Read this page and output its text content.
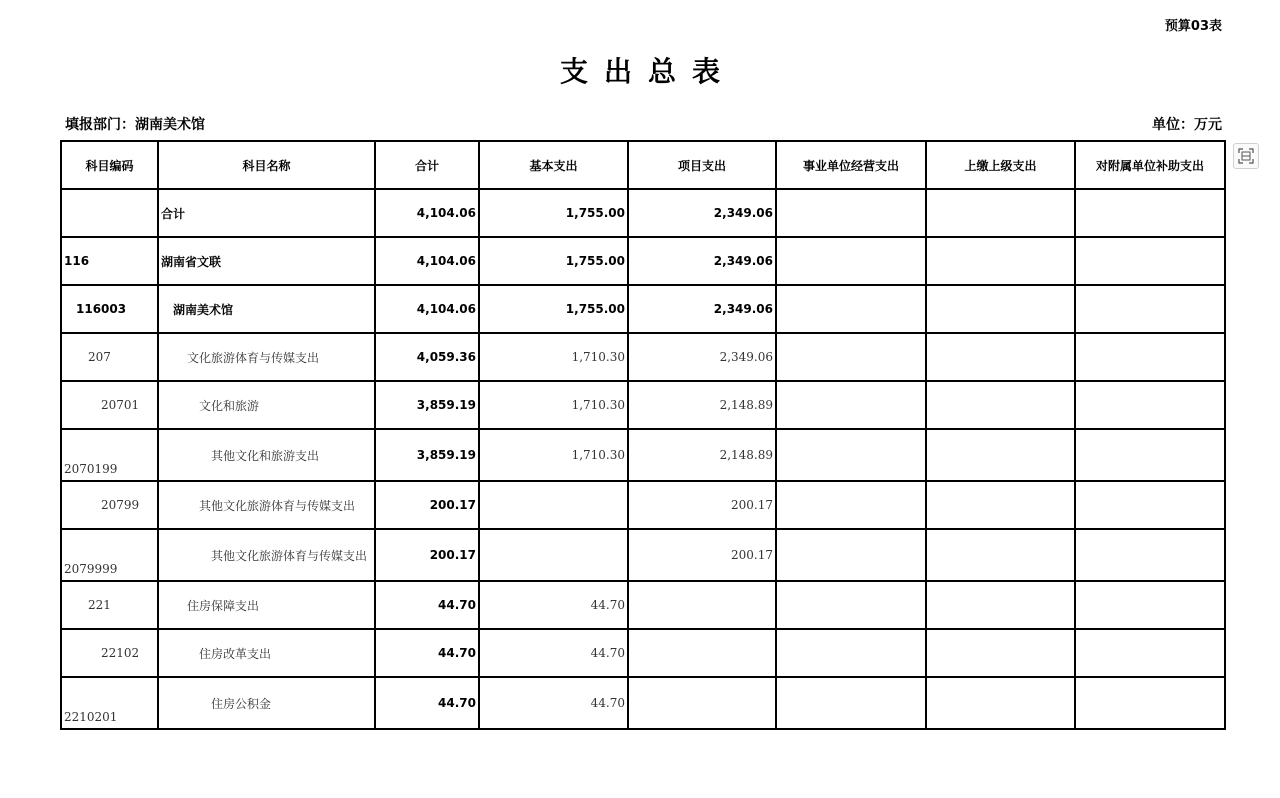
预算03表
支出总表
填报部门：湖南美术馆	单位：万元
科目编码	科目名称	合计	基本支出	项目支出	事业单位经营支出	上缴上级支出	对附属单位补助支出
	合计	4,104.06	1,755.00	2,349.06			
116	湖南省文联	4,104.06	1,755.00	2,349.06			
116003	湖南美术馆	4,104.06	1,755.00	2,349.06			
207	文化旅游体育与传媒支出	4,059.36	1,710.30	2,349.06			
20701	文化和旅游	3,859.19	1,710.30	2,148.89			
2070199	其他文化和旅游支出	3,859.19	1,710.30	2,148.89			
20799	其他文化旅游体育与传媒支出	200.17		200.17			
2079999	其他文化旅游体育与传媒支出	200.17		200.17			
221	住房保障支出	44.70	44.70				
22102	住房改革支出	44.70	44.70				
2210201	住房公积金	44.70	44.70				
